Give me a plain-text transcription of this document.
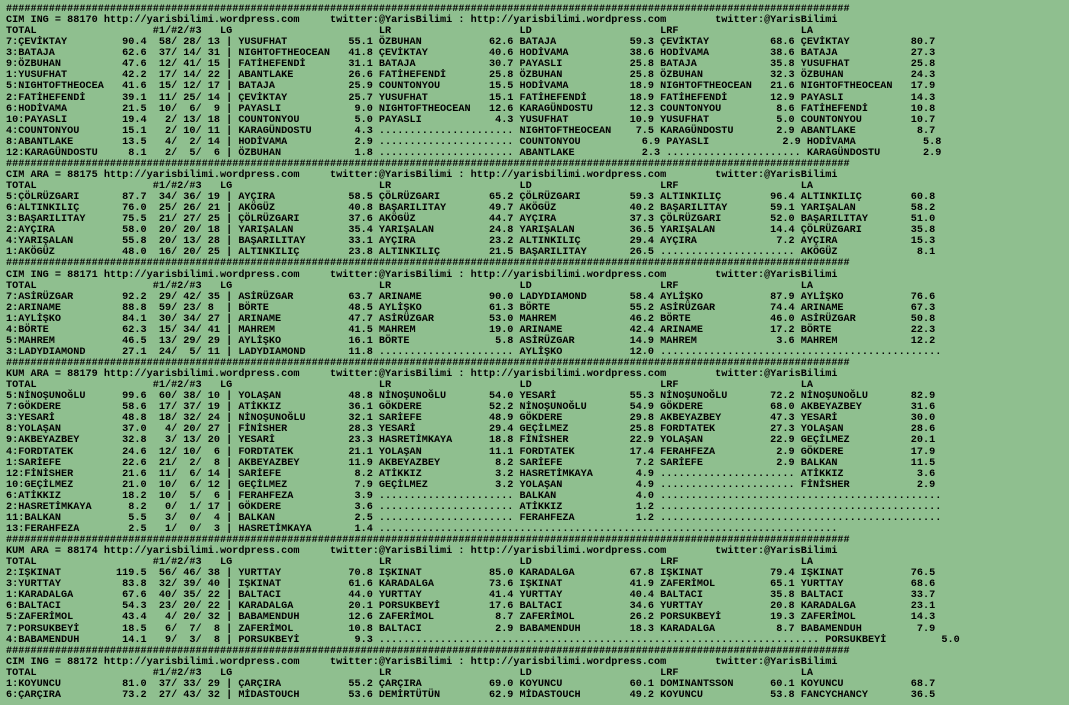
##########################################################################################################################################
CIM ING = 88170 http://yarisbilimi.wordpress.com     twitter:@YarisBilimi : http://yarisbilimi.wordpress.com        twitter:@YarisBilimi
TOTAL                   #1/#2/#3   LG                        LR                     LD                     LRF                    LA
7:ÇEVİKTAY         90.4  58/ 28/ 13 | YUSUFHAT          55.1 ÖZBUHAN           62.6 BATAJA            59.3 ÇEVİKTAY          68.6 ÇEVİKTAY          80.7
3:BATAJA           62.6  37/ 14/ 31 | NIGHTOFTHEOCEAN   41.8 ÇEVİKTAY          40.6 HODİVAMA          38.6 HODİVAMA          38.6 BATAJA            27.3
9:ÖZBUHAN          47.6  12/ 41/ 15 | FATİHEFENDİ       31.1 BATAJA            30.7 PAYASLI           25.8 BATAJA            35.8 YUSUFHAT          25.8
1:YUSUFHAT         42.2  17/ 14/ 22 | ABANTLAKE         26.6 FATİHEFENDİ       25.8 ÖZBUHAN           25.8 ÖZBUHAN           32.3 ÖZBUHAN           24.3
5:NIGHTOFTHEOCEA   41.6  15/ 12/ 17 | BATAJA            25.9 COUNTONYOU        15.5 HODİVAMA          18.9 NIGHTOFTHEOCEAN   21.6 NIGHTOFTHEOCEAN   17.9
2:FATİHEFENDİ      39.1  11/ 25/ 14 | ÇEVİKTAY          25.7 YUSUFHAT          15.1 FATİHEFENDİ       18.9 FATİHEFENDİ       12.9 PAYASLI           14.3
6:HODİVAMA         21.5  10/  6/  9 | PAYASLI            9.0 NIGHTOFTHEOCEAN   12.6 KARAGÜNDOSTU      12.3 COUNTONYOU         8.6 FATİHEFENDİ       10.8
10:PAYASLI         19.4   2/ 13/ 18 | COUNTONYOU         5.0 PAYASLI            4.3 YUSUFHAT          10.9 YUSUFHAT           5.0 COUNTONYOU        10.7
4:COUNTONYOU       15.1   2/ 10/ 11 | KARAGÜNDOSTU       4.3 ...................... NIGHTOFTHEOCEAN    7.5 KARAGÜNDOSTU       2.9 ABANTLAKE          8.7
8:ABANTLAKE        13.5   4/  2/ 14 | HODİVAMA           2.9 ...................... COUNTONYOU          6.9 PAYASLI            2.9 HODİVAMA           5.8
12:KARAGÜNDOSTU     8.1   2/  5/  6 | ÖZBUHAN            1.8 ...................... ABANTLAKE           2.3 ...................... KARAGÜNDOSTU       2.9
##########################################################################################################################################
CIM ARA = 88175 http://yarisbilimi.wordpress.com     twitter:@YarisBilimi : http://yarisbilimi.wordpress.com        twitter:@YarisBilimi
TOTAL                   #1/#2/#3   LG                        LR                     LD                     LRF                    LA
5:ÇÖLRÜZGARI       87.7  34/ 36/ 19 | AYÇIRA            58.5 ÇÖLRÜZGARI        65.2 ÇÖLRÜZGARI        59.3 ALTINKILIÇ        96.4 ALTINKILIÇ        60.8
6:ALTINKILIÇ       76.0  25/ 26/ 21 | AKÖGÜZ            40.8 BAŞARILITAY       49.7 AKÖGÜZ            40.2 BAŞARILITAY       59.1 YARIŞALAN         58.2
3:BAŞARILITAY      75.5  21/ 27/ 25 | ÇÖLRÜZGARI        37.6 AKÖGÜZ            44.7 AYÇIRA            37.3 ÇÖLRÜZGARI        52.0 BAŞARILITAY       51.0
2:AYÇIRA           58.0  20/ 20/ 18 | YARIŞALAN         35.4 YARIŞALAN         24.8 YARIŞALAN         36.5 YARIŞALAN         14.4 ÇÖLRÜZGARI        35.8
4:YARIŞALAN        55.8  20/ 13/ 28 | BAŞARILITAY       33.1 AYÇIRA            23.2 ALTINKILIÇ        29.4 AYÇIRA             7.2 AYÇIRA            15.3
1:AKÖGÜZ           48.0  16/ 20/ 25 | ALTINKILIÇ        23.8 ALTINKILIÇ        21.5 BAŞARILITAY       26.5 ...................... AKÖGÜZ             8.1
##########################################################################################################################################
CIM ING = 88171 http://yarisbilimi.wordpress.com     twitter:@YarisBilimi : http://yarisbilimi.wordpress.com        twitter:@YarisBilimi
TOTAL                   #1/#2/#3   LG                        LR                     LD                     LRF                    LA
7:ASİRÜZGAR        92.2  29/ 42/ 35 | ASİRÜZGAR         63.7 ARINAME           90.0 LADYDIAMOND       58.4 AYLİŞKO           87.9 AYLİŞKO           76.6
2:ARINAME          88.8  59/ 23/ 8  | BÖRTE             48.5 AYLİŞKO           61.3 BÖRTE             55.2 ASİRÜZGAR         74.4 ARINAME           67.3
1:AYLİŞKO          84.1  30/ 34/ 27 | ARINAME           47.7 ASİRÜZGAR         53.0 MAHREM            46.2 BÖRTE             46.0 ASİRÜZGAR         50.8
4:BÖRTE            62.3  15/ 34/ 41 | MAHREM            41.5 MAHREM            19.0 ARINAME           42.4 ARINAME           17.2 BÖRTE             22.3
5:MAHREM           46.5  13/ 29/ 29 | AYLİŞKO           16.1 BÖRTE              5.8 ASİRÜZGAR         14.9 MAHREM             3.6 MAHREM            12.2
3:LADYDIAMOND      27.1  24/  5/ 11 | LADYDIAMOND       11.8 ...................... AYLİŞKO           12.0 ..............................................
##########################################################################################################################################
KUM ARA = 88179 http://yarisbilimi.wordpress.com     twitter:@YarisBilimi : http://yarisbilimi.wordpress.com        twitter:@YarisBilimi
TOTAL                   #1/#2/#3   LG                        LR                     LD                     LRF                    LA
5:NİNOŞUNOĞLU      99.6  60/ 38/ 10 | YOLAŞAN           48.8 NİNOŞUNOĞLU       54.0 YESARİ            55.3 NİNOŞUNOĞLU       72.2 NİNOŞUNOĞLU       82.9
7:GÖKDERE          58.6  17/ 37/ 19 | ATİKKIZ           36.1 GÖKDERE           52.2 NİNOŞUNOĞLU       54.9 GÖKDERE           68.0 AKBEYAZBEY        31.6
3:YESARİ           48.8  18/ 32/ 24 | NİNOŞUNOĞLU       32.1 SARİEFE           48.9 GÖKDERE           29.8 AKBEYAZBEY        47.3 YESARİ            30.0
8:YOLAŞAN          37.0   4/ 20/ 27 | FİNİSHER          28.3 YESARİ            29.4 GEÇİLMEZ          25.8 FORDTATEK         27.3 YOLAŞAN           28.6
9:AKBEYAZBEY       32.8   3/ 13/ 20 | YESARİ            23.3 HASRETİMKAYA      18.8 FİNİSHER          22.9 YOLAŞAN           22.9 GEÇİLMEZ          20.1
4:FORDTATEK        24.6  12/ 10/  6 | FORDTATEK         21.1 YOLAŞAN           11.1 FORDTATEK         17.4 FERAHFEZA          2.9 GÖKDERE           17.9
1:SARİEFE          22.6  21/  2/  8 | AKBEYAZBEY        11.9 AKBEYAZBEY         8.2 SARİEFE            7.2 SARİEFE            2.9 BALKAN            11.5
12:FİNİSHER        21.6  11/  6/ 14 | SARİEFE            8.2 ATİKKIZ            3.2 HASRETİMKAYA       4.9 ...................... ATİKKIZ            3.6
10:GEÇİLMEZ        21.0  10/  6/ 12 | GEÇİLMEZ           7.9 GEÇİLMEZ           3.2 YOLAŞAN            4.9 ...................... FİNİSHER           2.9
6:ATİKKIZ          18.2  10/  5/  6 | FERAHFEZA          3.9 ...................... BALKAN             4.0 ..............................................
2:HASRETİMKAYA      8.2   0/  1/ 17 | GÖKDERE            3.6 ...................... ATİKKIZ            1.2 ..............................................
11:BALKAN           5.5   3/  0/  4 | BALKAN             2.5 ...................... FERAHFEZA          1.2 ..............................................
13:FERAHFEZA        2.5   1/  0/  3 | HASRETİMKAYA       1.4 ...........................................................................
##########################################################################################################################################
KUM ARA = 88174 http://yarisbilimi.wordpress.com     twitter:@YarisBilimi : http://yarisbilimi.wordpress.com        twitter:@YarisBilimi
TOTAL                   #1/#2/#3   LG                        LR                     LD                     LRF                    LA
2:IŞKINAT         119.5  56/ 46/ 38 | YURTTAY           70.8 IŞKINAT           85.0 KARADALGA         67.8 IŞKINAT           79.4 IŞKINAT           76.5
3:YURTTAY          83.8  32/ 39/ 40 | IŞKINAT           61.6 KARADALGA         73.6 IŞKINAT           41.9 ZAFERİMOL         65.1 YURTTAY           68.6
1:KARADALGA        67.6  40/ 35/ 22 | BALTACI           44.0 YURTTAY           41.4 YURTTAY           40.4 BALTACI           35.8 BALTACI           33.7
6:BALTACI          54.3  23/ 20/ 22 | KARADALGA         20.1 PORSUKBEYİ        17.6 BALTACI           34.6 YURTTAY           20.8 KARADALGA         23.1
5:ZAFERİMOL        43.4   4/ 20/ 32 | BABAMENDUH        12.6 ZAFERİMOL          8.7 ZAFERİMOL         26.2 PORSUKBEYİ        19.3 ZAFERİMOL         14.3
7:PORSUKBEYİ       18.5   6/  7/  8 | ZAFERİMOL         10.8 BALTACI            2.9 BABAMENDUH        18.3 KARADALGA          8.7 BABAMENDUH         7.9
4:BABAMENDUH       14.1   9/  3/  8 | PORSUKBEYİ         9.3 ........................................................................ PORSUKBEYİ         5.0
##########################################################################################################################################
CIM ING = 88172 http://yarisbilimi.wordpress.com     twitter:@YarisBilimi : http://yarisbilimi.wordpress.com        twitter:@YarisBilimi
TOTAL                   #1/#2/#3   LG                        LR                     LD                     LRF                    LA
1:KOYUNCU          81.0  37/ 33/ 29 | ÇARÇIRA           55.2 ÇARÇIRA           69.0 KOYUNCU           60.1 DOMINANTSSON      60.1 KOYUNCU           68.7
6:ÇARÇIRA          73.2  27/ 43/ 32 | MİDASTOUCH        53.6 DEMİRTÜTÜN        62.9 MİDASTOUCH        49.2 KOYUNCU           53.8 FANCYCHANCY       36.5
